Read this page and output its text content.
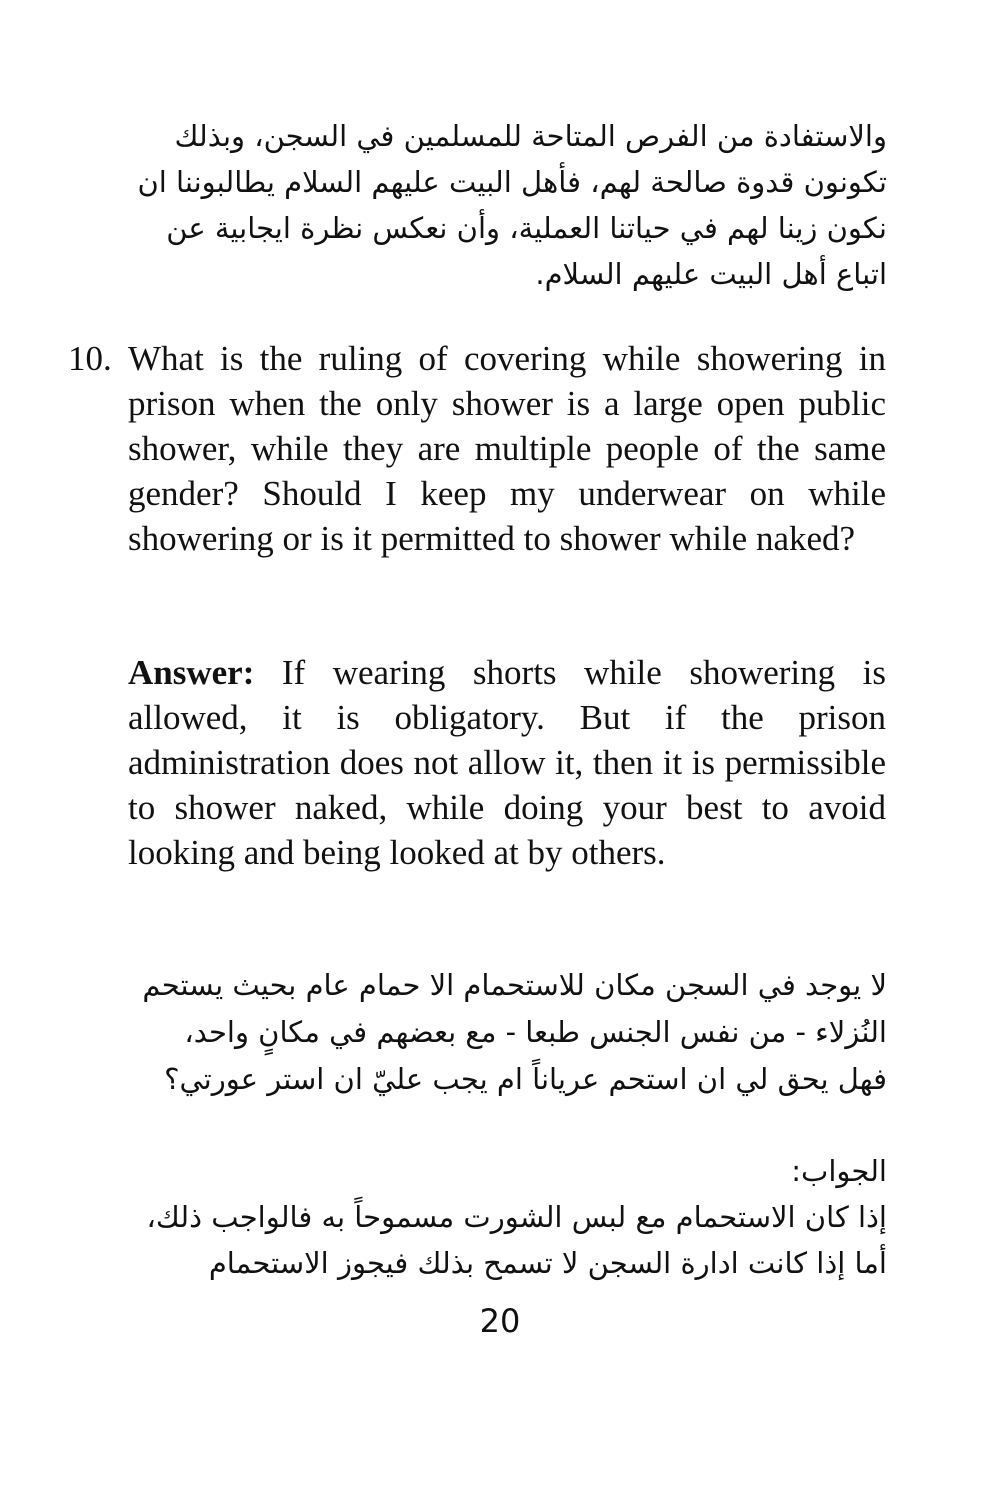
والاستفادة من الفرص المتاحة للمسلمين في السجن، وبذلك
تكونون قدوة صالحة لهم، فأهل البيت عليهم السلام يطالبوننا ان
نكون زينا لهم في حياتنا العملية، وأن نعكس نظرة ايجابية عن
اتباع أهل البيت عليهم السلام.
10. What is the ruling of covering while showering in prison when the only shower is a large open public shower, while they are multiple people of the same gender? Should I keep my underwear on while showering or is it permitted to shower while naked?
Answer: If wearing shorts while showering is allowed, it is obligatory. But if the prison administration does not allow it, then it is permissible to shower naked, while doing your best to avoid looking and being looked at by others.
لا يوجد في السجن مكان للاستحمام الا حمام عام بحيث يستحم
النُزلاء - من نفس الجنس طبعا - مع بعضهم في مكانٍ واحد،
فهل يحق لي ان استحم عرياناً ام يجب عليّ ان استر عورتي؟
الجواب:
إذا كان الاستحمام مع لبس الشورت مسموحاً به فالواجب ذلك،
أما إذا كانت ادارة السجن لا تسمح بذلك فيجوز الاستحمام
20
